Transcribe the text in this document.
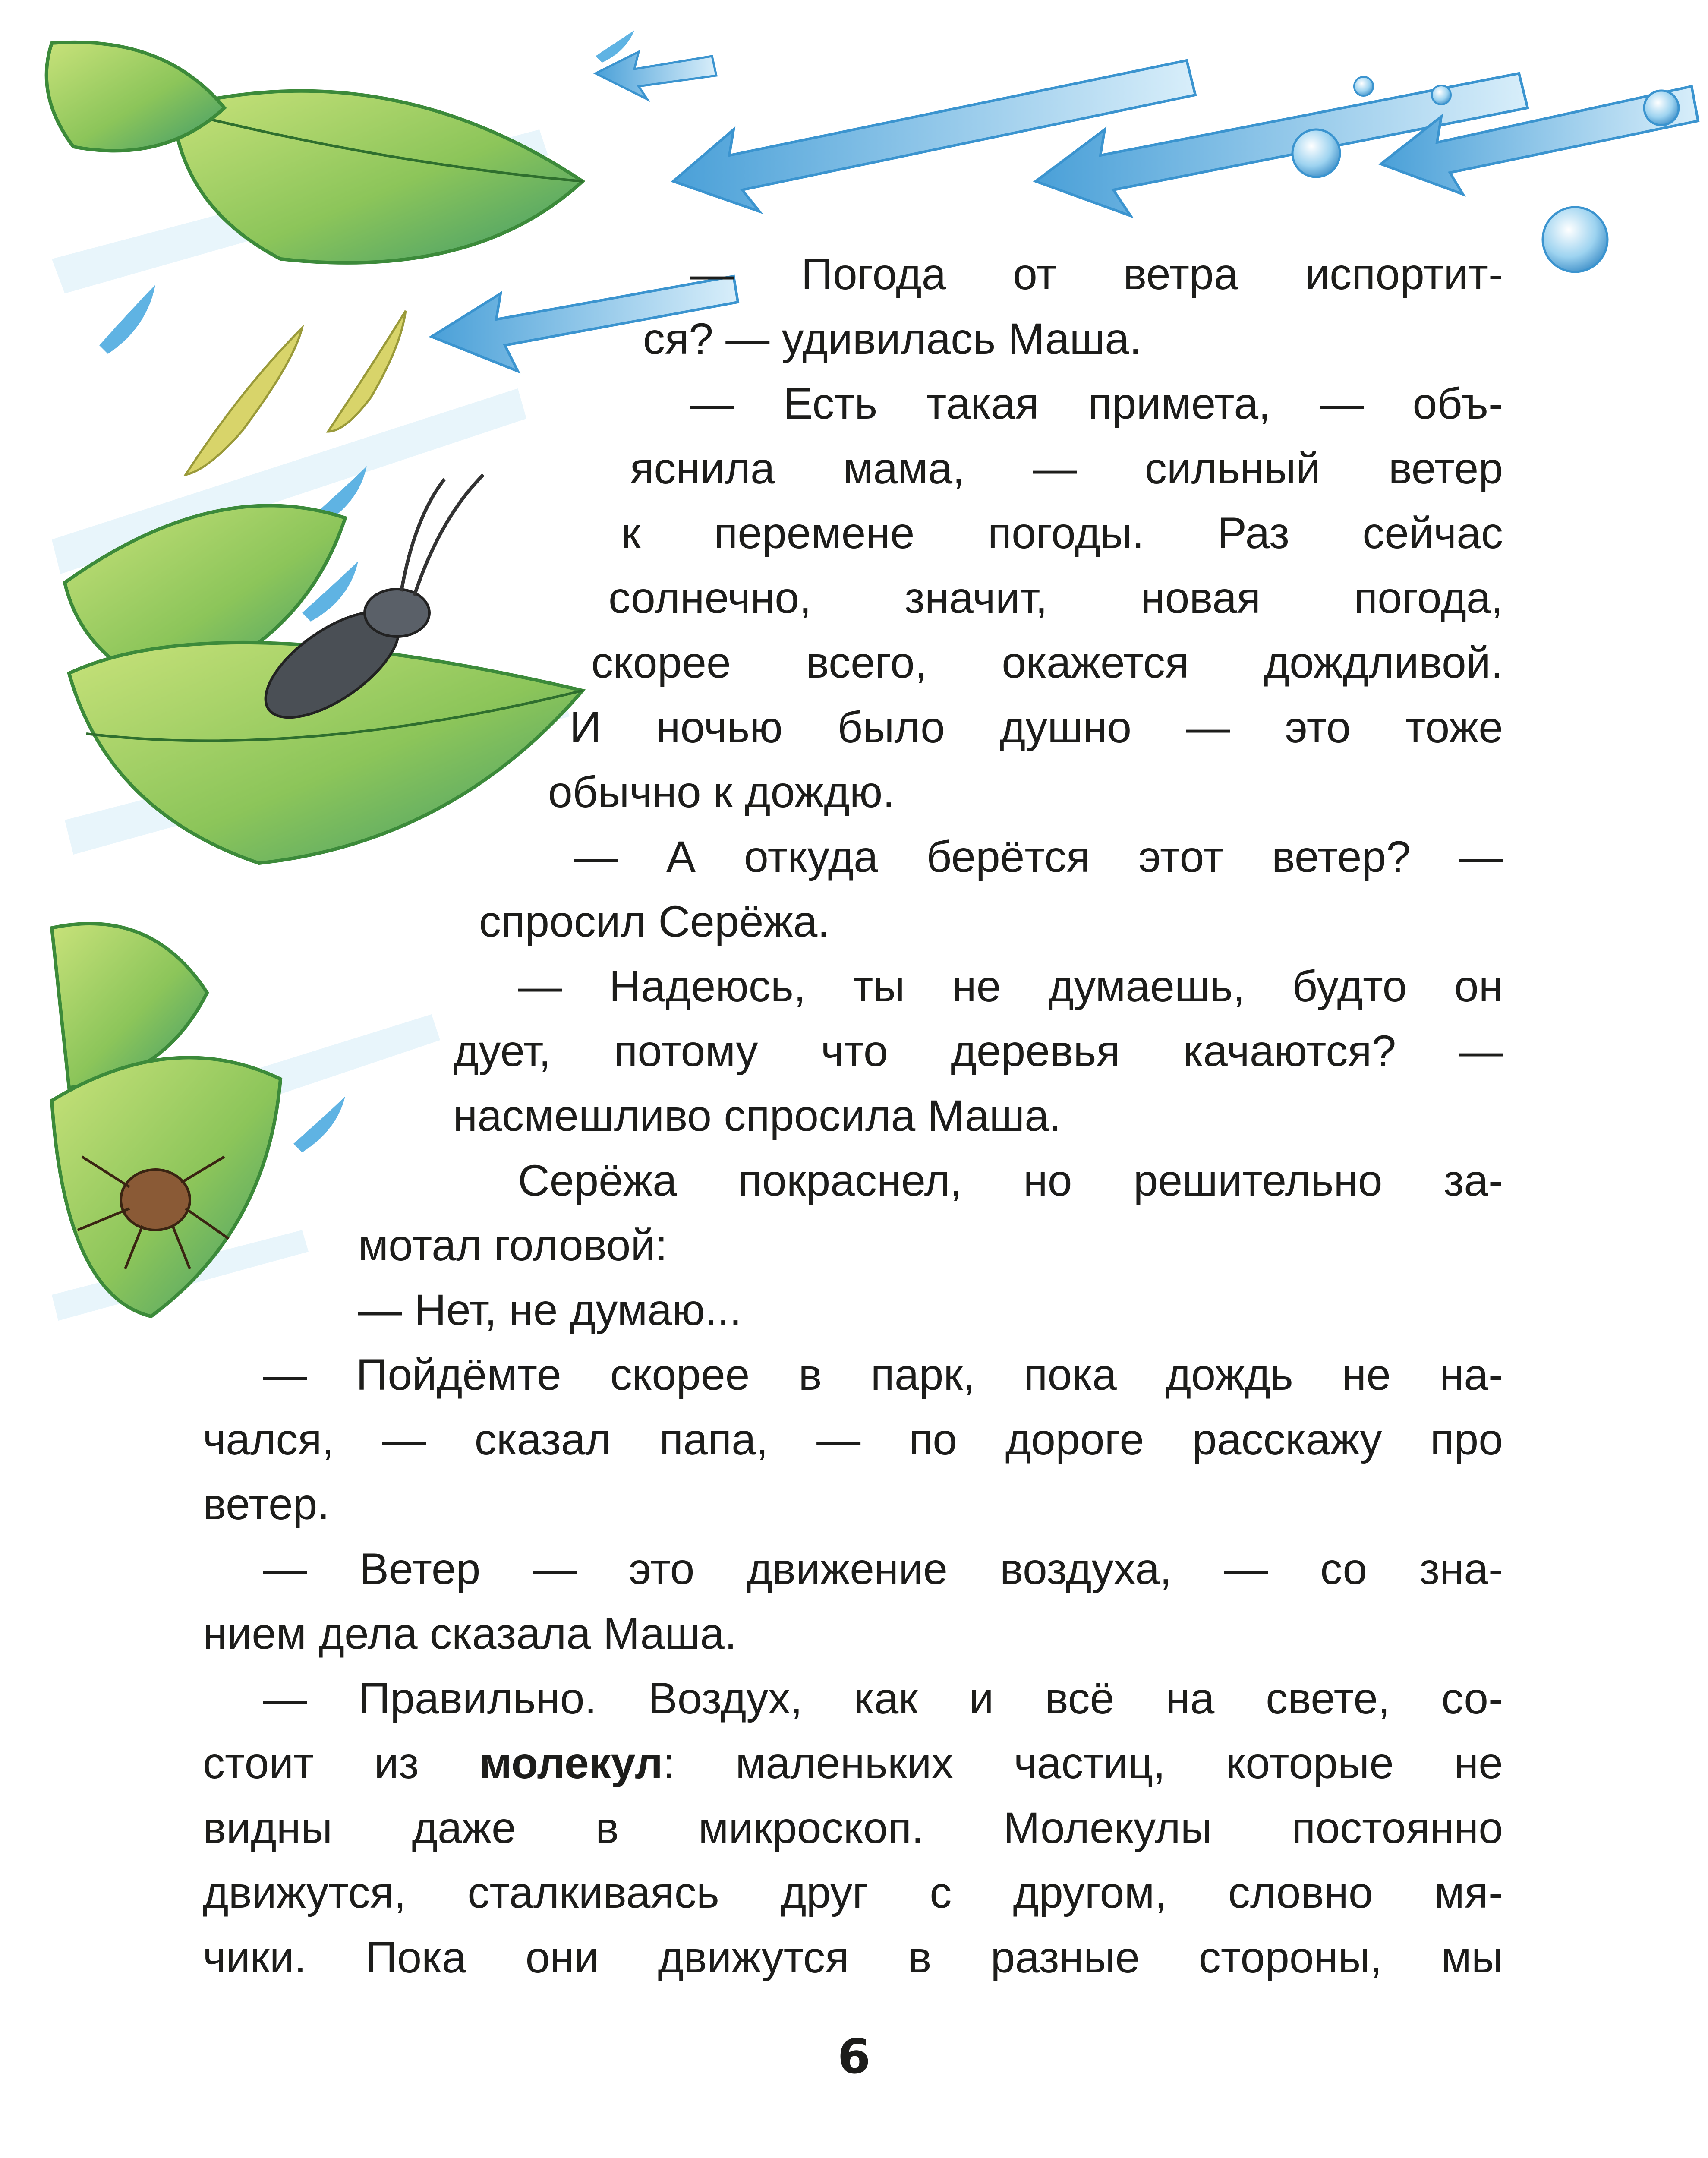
— Погода от ветра испортит-
ся? — удивилась Маша.
— Есть такая примета, — объ-
яснила мама, — сильный ветер
к перемене погоды. Раз сейчас
солнечно, значит, новая погода,
скорее всего, окажется дождливой.
И ночью было душно — это тоже
обычно к дождю.
— А откуда берётся этот ветер? —
спросил Серёжа.
— Надеюсь, ты не думаешь, будто он
дует, потому что деревья качаются? —
насмешливо спросила Маша.
Серёжа покраснел, но решительно за-
мотал головой:
— Нет, не думаю...
— Пойдёмте скорее в парк, пока дождь не на-
чался, — сказал папа, — по дороге расскажу про
ветер.
— Ветер — это движение воздуха, — со зна-
нием дела сказала Маша.
— Правильно. Воздух, как и всё на свете, со-
стоит из молекул: маленьких частиц, которые не
видны даже в микроскоп. Молекулы постоянно
движутся, сталкиваясь друг с другом, словно мя-
чики. Пока они движутся в разные стороны, мы
6
